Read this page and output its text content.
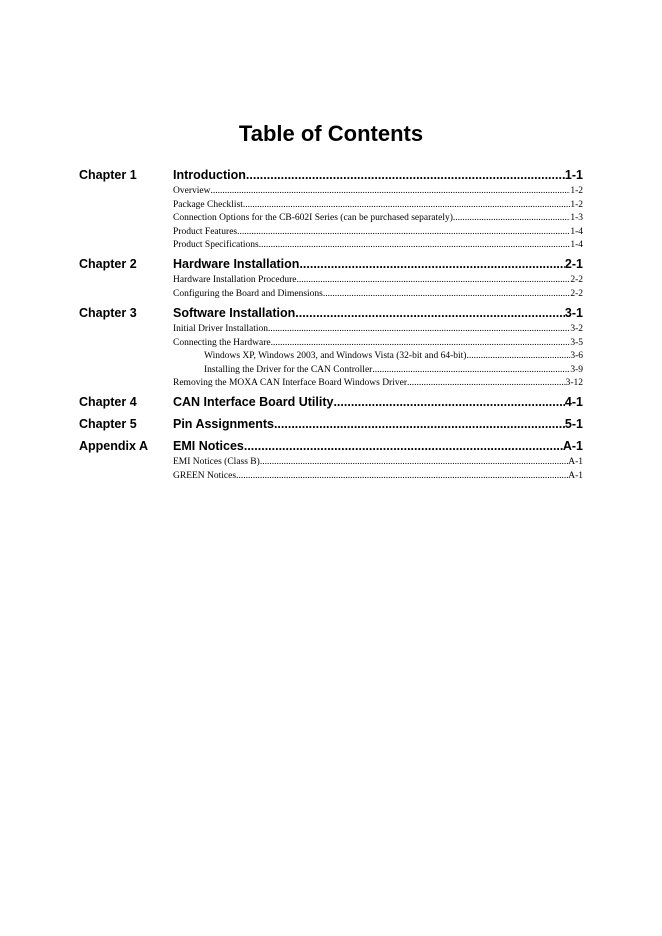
Table of Contents
Chapter 1	Introduction .....	1-1
Overview .....	1-2
Package Checklist .....	1-2
Connection Options for the CB-602I Series (can be purchased separately) .....	1-3
Product Features .....	1-4
Product Specifications .....	1-4
Chapter 2	Hardware Installation .....	2-1
Hardware Installation Procedure .....	2-2
Configuring the Board and Dimensions .....	2-2
Chapter 3	Software Installation .....	3-1
Initial Driver Installation .....	3-2
Connecting the Hardware .....	3-5
Windows XP, Windows 2003, and Windows Vista (32-bit and 64-bit) .....	3-6
Installing the Driver for the CAN Controller .....	3-9
Removing the MOXA CAN Interface Board Windows Driver .....	3-12
Chapter 4	CAN Interface Board Utility .....	4-1
Chapter 5	Pin Assignments .....	5-1
Appendix A EMI Notices .....	A-1
EMI Notices (Class B) .....	A-1
GREEN Notices .....	A-1
